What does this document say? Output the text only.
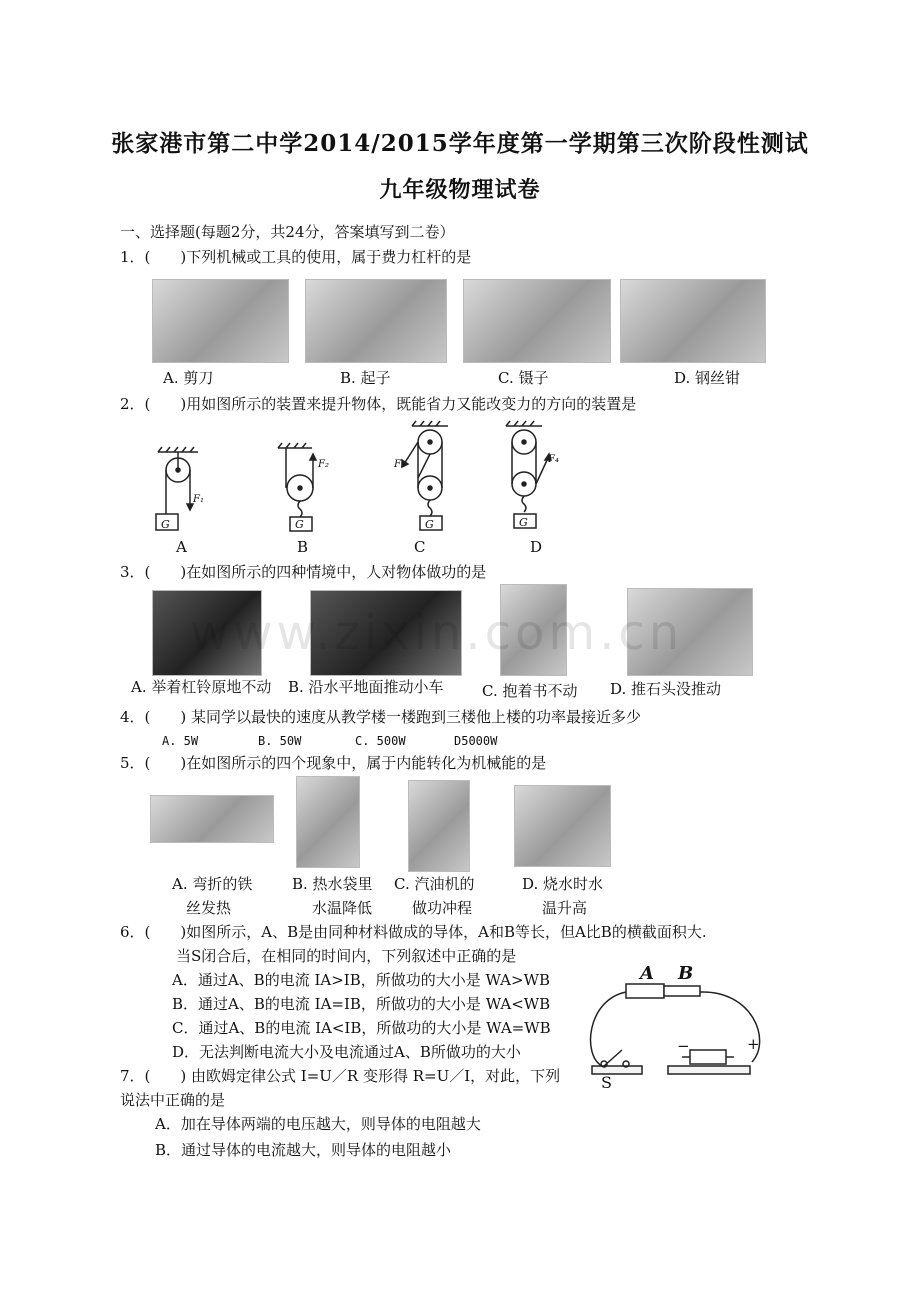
张家港市第二中学2014/2015学年度第一学期第三次阶段性测试
九年级物理试卷
一、选择题(每题2分，共24分，答案填写到二卷）
1．(　　)下列机械或工具的使用，属于费力杠杆的是
A. 剪刀	B. 起子	C. 镊子	D. 钢丝钳
2．(　　)用如图所示的装置来提升物体，既能省力又能改变力的方向的装置是
G	G	G	G
F₁
F₂	F₃	F₄
A	B	C	D
3．(　　)在如图所示的四种情境中，人对物体做功的是
www.zixin.com.cn
A. 举着杠铃原地不动 B. 沿水平地面推动小车	C. 抱着书不动 D. 推石头没推动
4．(　　) 某同学以最快的速度从教学楼一楼跑到三楼他上楼的功率最接近多少
A. 5W	B. 50W	C. 500W	D5000W
5．(　　)在如图所示的四个现象中，属于内能转化为机械能的是
A. 弯折的铁
丝发热
B. 热水袋里
水温降低
C. 汽油机的
做功冲程
D. 烧水时水
温升高
6．(　　)如图所示，A、B是由同种材料做成的导体，A和B等长，但A比B的横截面积大.
当S闭合后，在相同的时间内，下列叙述中正确的是
A．通过A、B的电流 IA>IB，所做功的大小是 WA>WB
B．通过A、B的电流 IA=IB，所做功的大小是 WA<WB
C．通过A、B的电流 IA<IB，所做功的大小是 WA=WB
D．无法判断电流大小及电流通过A、B所做功的大小
A B
S
−	+
7．(　　) 由欧姆定律公式 I=U／R 变形得 R=U／I，对此，下列
说法中正确的是
A．加在导体两端的电压越大，则导体的电阻越大
B．通过导体的电流越大，则导体的电阻越小
